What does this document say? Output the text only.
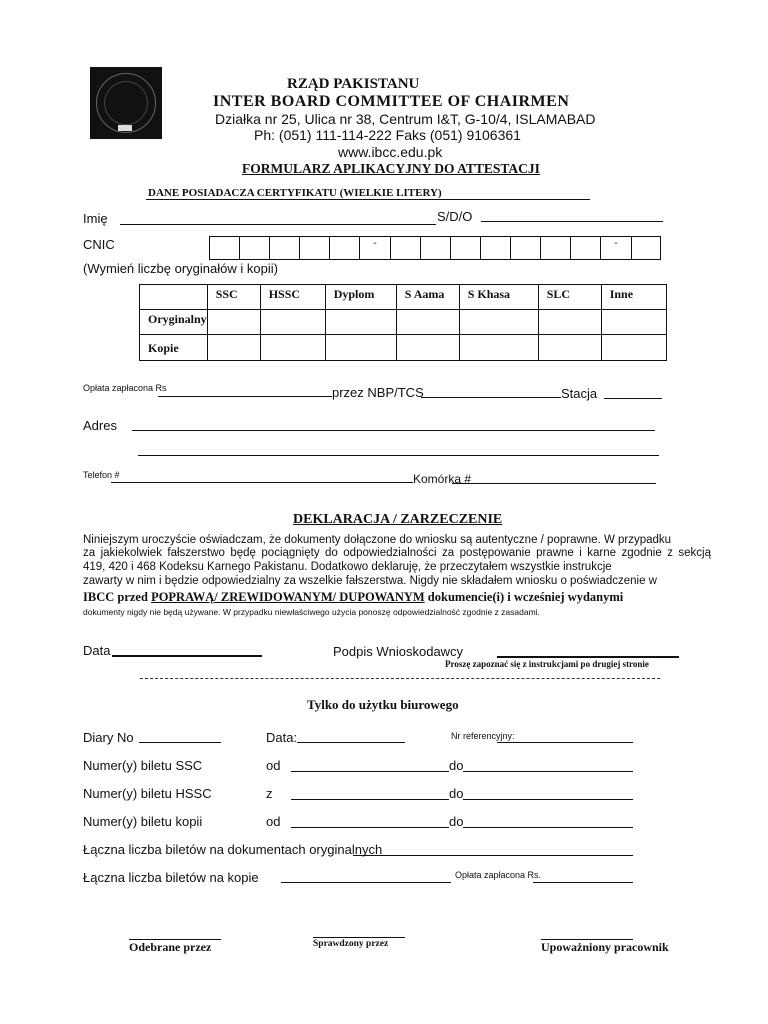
RZĄD PAKISTANU
INTER BOARD COMMITTEE OF CHAIRMEN
Działka nr 25, Ulica nr 38, Centrum I&T, G-10/4, ISLAMABAD
Ph: (051) 111-114-222 Faks (051) 9106361
www.ibcc.edu.pk
FORMULARZ APLIKACYJNY DO ATTESTACJI
DANE POSIADACZA CERTYFIKATU (WIELKIE LITERY)
Imię	S/D/O
CNIC	-	-
(Wymień liczbę oryginałów i kopii)
	SSC	HSSC	Dyplom	S Aama	S Khasa	SLC	Inne
Oryginalny							
Kopie							
Opłata zapłacona Rs	przez NBP/TCS	Stacja
Adres
Telefon #	Komórka #
DEKLARACJA / ZARZECZENIE
Niniejszym uroczyście oświadczam, że dokumenty dołączone do wniosku są autentyczne / poprawne. W przypadku
za jakiekolwiek fałszerstwo będę pociągnięty do odpowiedzialności za postępowanie prawne i karne zgodnie z sekcją
419, 420 i 468 Kodeksu Karnego Pakistanu. Dodatkowo deklaruję, że przeczytałem wszystkie instrukcje
zawarty w nim i będzie odpowiedzialny za wszelkie fałszerstwa. Nigdy nie składałem wniosku o poświadczenie w
IBCC przed POPRAWĄ/ ZREWIDOWANYM/ DUPOWANYM dokumencie(i) i wcześniej wydanymi
dokumenty nigdy nie będą używane. W przypadku niewłaściwego użycia ponoszę odpowiedzialność zgodnie z zasadami.
Data	Podpis Wnioskodawcy
Proszę zapoznać się z instrukcjami po drugiej stronie
Tylko do użytku biurowego
Diary No	Data:	Nr referencyjny:
Numer(y) biletu SSC	od	do
Numer(y) biletu HSSC	z	do
Numer(y) biletu kopii	od	do
Łączna liczba biletów na dokumentach oryginalnych
Łączna liczba biletów na kopie	Opłata zapłacona Rs.
Odebrane przez	Sprawdzony przez	Upoważniony pracownik
